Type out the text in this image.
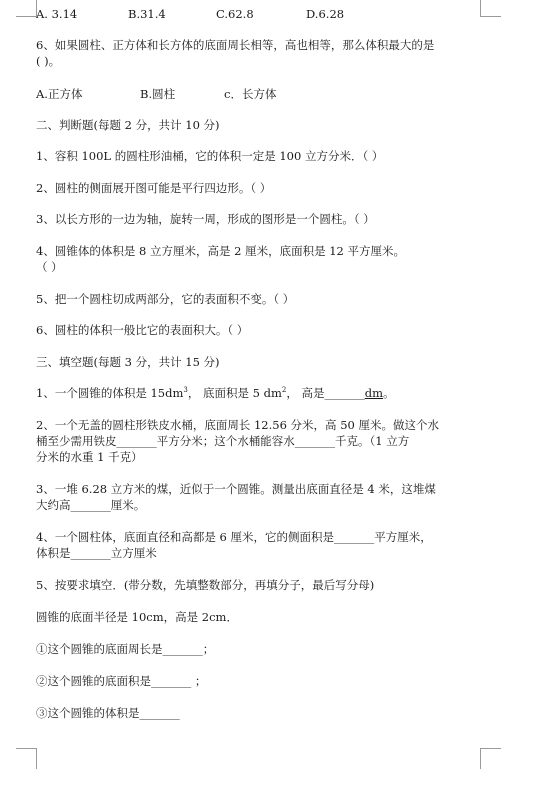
A. 3.14	B.31.4	C.62.8	D.6.28
6、如果圆柱、正方体和长方体的底面周长相等，高也相等，那么体积最大的是
( )。
A.正方体	B.圆柱	c．长方体
二、判断题(每题 2 分，共计 10 分)
1、容积 100L 的圆柱形油桶，它的体积一定是 100 立方分米．（ ）
2、圆柱的侧面展开图可能是平行四边形。（ ）
3、以长方形的一边为轴，旋转一周，形成的图形是一个圆柱。（ ）
4、圆锥体的体积是 8 立方厘米，高是 2 厘米，底面积是 12 平方厘米。
（ ）
5、把一个圆柱切成两部分，它的表面积不变。（ ）
6、圆柱的体积一般比它的表面积大。（ ）
三、填空题(每题 3 分，共计 15 分)
1、一个圆锥的体积是 $15dm^3$， 底面积是 5 $dm^2$， 高是_______dm。
2、一个无盖的圆柱形铁皮水桶，底面周长 12.56 分米，高 50 厘米。做这个水
桶至少需用铁皮_______平方分米；这个水桶能容水_______千克。（1 立方
分米的水重 1 千克）
3、一堆 6.28 立方米的煤，近似于一个圆锥。测量出底面直径是 4 米，这堆煤
大约高_______厘米。
4、一个圆柱体，底面直径和高都是 6 厘米，它的侧面积是_______平方厘米，
体积是_______立方厘米
5、按要求填空．(带分数，先填整数部分，再填分子，最后写分母)
圆锥的底面半径是 10cm，高是 2cm．
①这个圆锥的底面周长是_______；
②这个圆锥的底面积是_______ ；
③这个圆锥的体积是_______
